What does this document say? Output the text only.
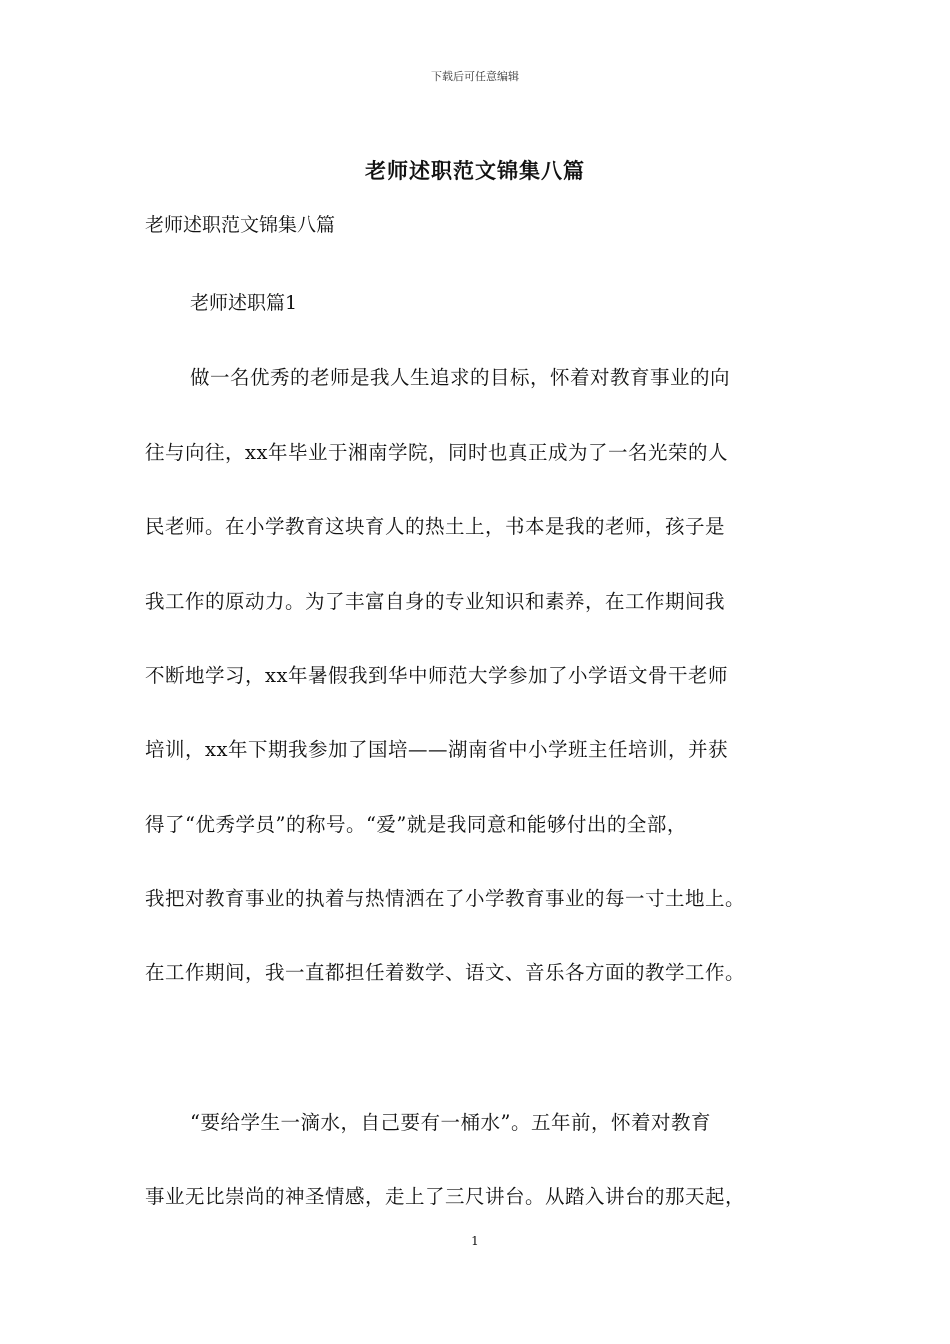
下载后可任意编辑
老师述职范文锦集八篇
老师述职范文锦集八篇
老师述职篇1
做一名优秀的老师是我人生追求的目标，怀着对教育事业的向
往与向往，xx年毕业于湘南学院，同时也真正成为了一名光荣的人
民老师。在小学教育这块育人的热土上，书本是我的老师，孩子是
我工作的原动力。为了丰富自身的专业知识和素养，在工作期间我
不断地学习，xx年暑假我到华中师范大学参加了小学语文骨干老师
培训，xx年下期我参加了国培——湖南省中小学班主任培训，并获
得了“优秀学员”的称号。“爱”就是我同意和能够付出的全部，
我把对教育事业的执着与热情洒在了小学教育事业的每一寸土地上。
在工作期间，我一直都担任着数学、语文、音乐各方面的教学工作。
“要给学生一滴水，自己要有一桶水”。五年前，怀着对教育
事业无比崇尚的神圣情感，走上了三尺讲台。从踏入讲台的那天起，
1
